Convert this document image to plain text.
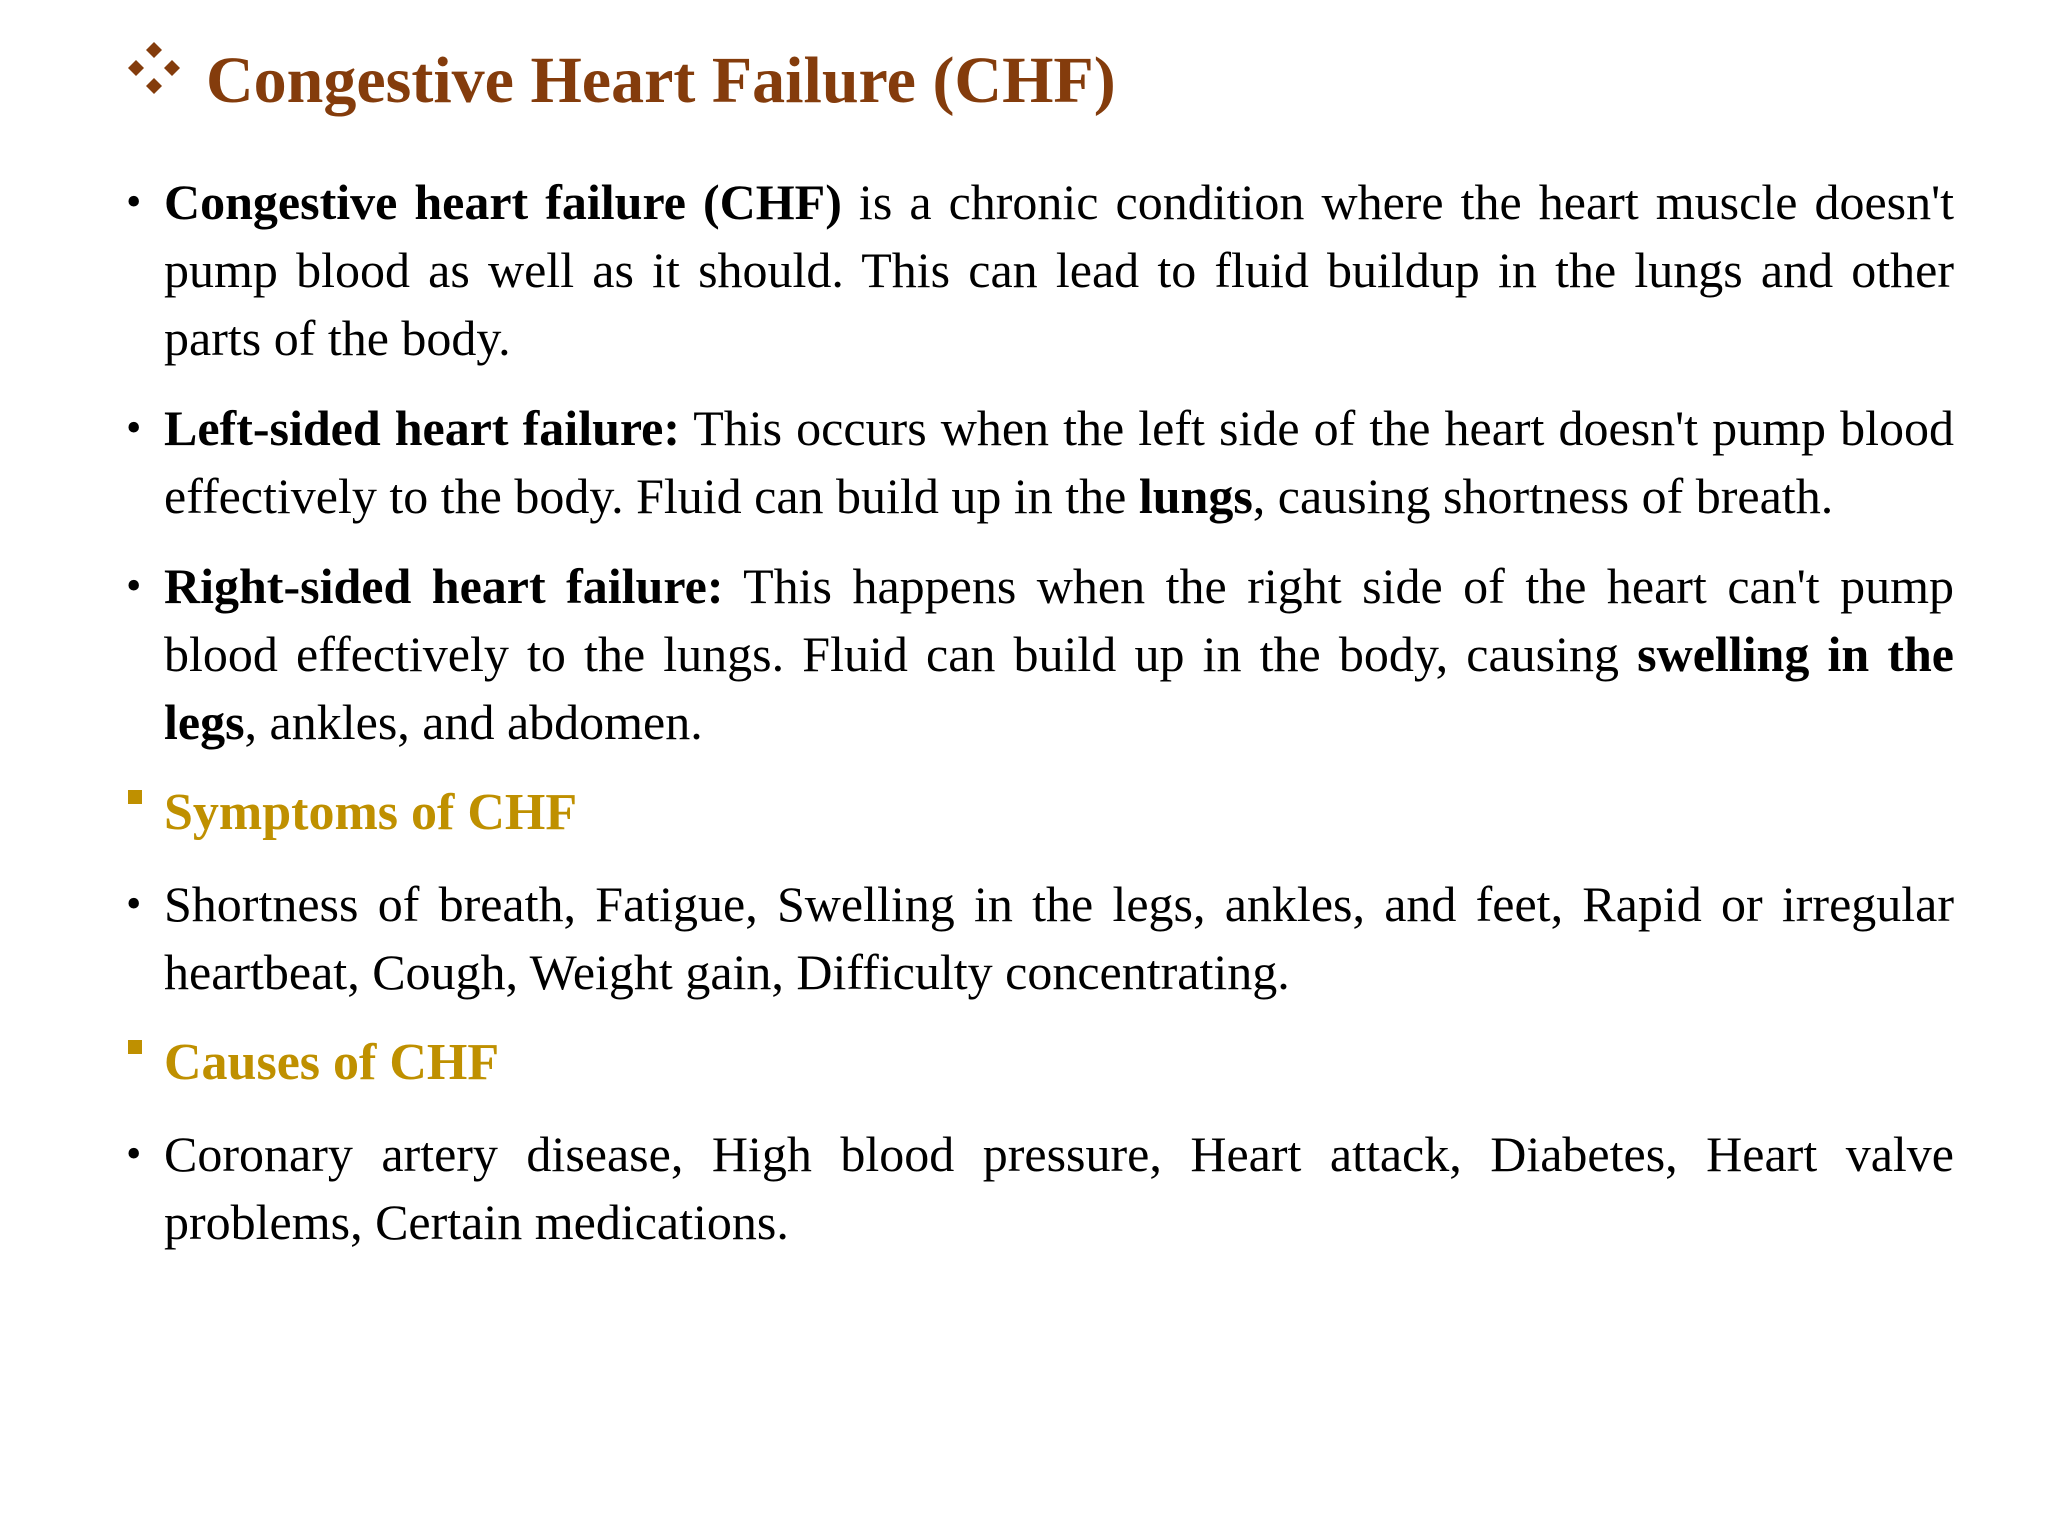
Congestive Heart Failure (CHF)
• Congestive heart failure (CHF) is a chronic condition where the heart muscle doesn't pump blood as well as it should. This can lead to fluid buildup in the lungs and other parts of the body.

• Left-sided heart failure: This occurs when the left side of the heart doesn't pump blood effectively to the body. Fluid can build up in the lungs, causing shortness of breath.

• Right-sided heart failure: This happens when the right side of the heart can't pump blood effectively to the lungs. Fluid can build up in the body, causing swelling in the legs, ankles, and abdomen.

Symptoms of CHF
• Shortness of breath, Fatigue, Swelling in the legs, ankles, and feet, Rapid or irregular heartbeat, Cough, Weight gain, Difficulty concentrating.

Causes of CHF
• Coronary artery disease, High blood pressure, Heart attack, Diabetes, Heart valve problems, Certain medications.
